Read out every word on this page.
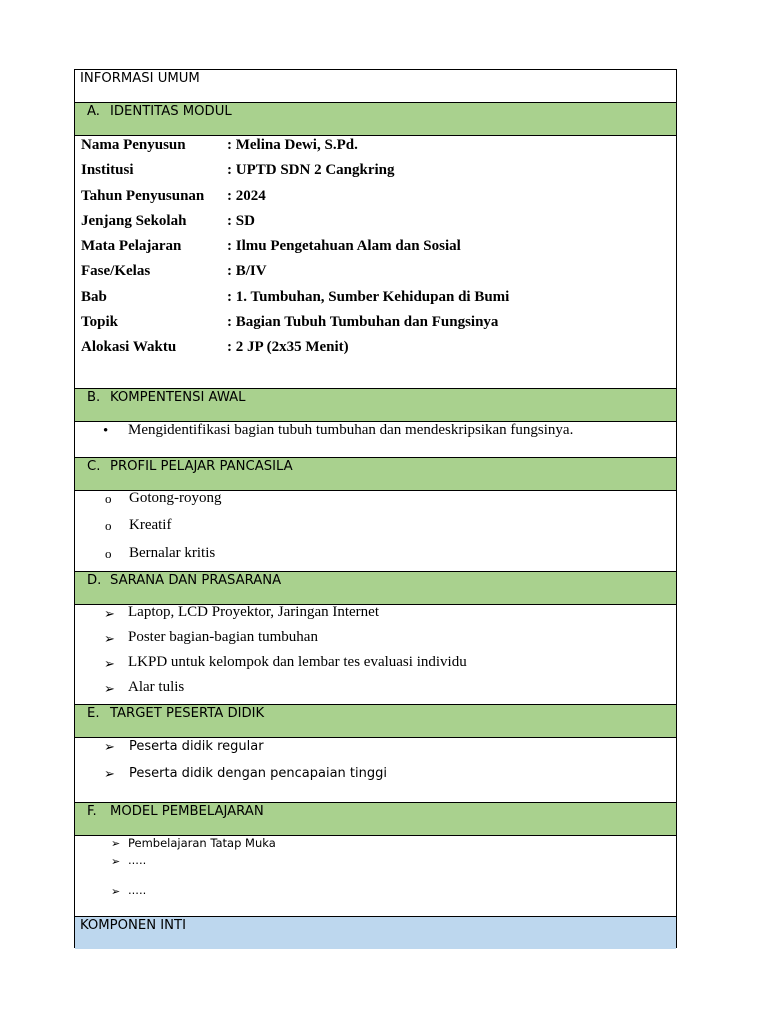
INFORMASI UMUM
A. IDENTITAS MODUL
Nama Penyusun	: Melina Dewi, S.Pd.
Institusi	: UPTD SDN 2 Cangkring
Tahun Penyusunan : 2024
Jenjang Sekolah	: SD
Mata Pelajaran	: Ilmu Pengetahuan Alam dan Sosial
Fase/Kelas	: B/IV
Bab	: 1. Tumbuhan, Sumber Kehidupan di Bumi
Topik	: Bagian Tubuh Tumbuhan dan Fungsinya
Alokasi Waktu	: 2 JP (2x35 Menit)
B. KOMPENTENSI AWAL
• Mengidentifikasi bagian tubuh tumbuhan dan mendeskripsikan fungsinya.
C. PROFIL PELAJAR PANCASILA
o Gotong-royong
o Kreatif
o Bernalar kritis
D. SARANA DAN PRASARANA
➢ Laptop, LCD Proyektor, Jaringan Internet
➢ Poster bagian-bagian tumbuhan
➢ LKPD untuk kelompok dan lembar tes evaluasi individu
➢ Alar tulis
E. TARGET PESERTA DIDIK
➢ Peserta didik regular
➢ Peserta didik dengan pencapaian tinggi
F. MODEL PEMBELAJARAN
➢ Pembelajaran Tatap Muka
➢ .....
➢ .....
KOMPONEN INTI
